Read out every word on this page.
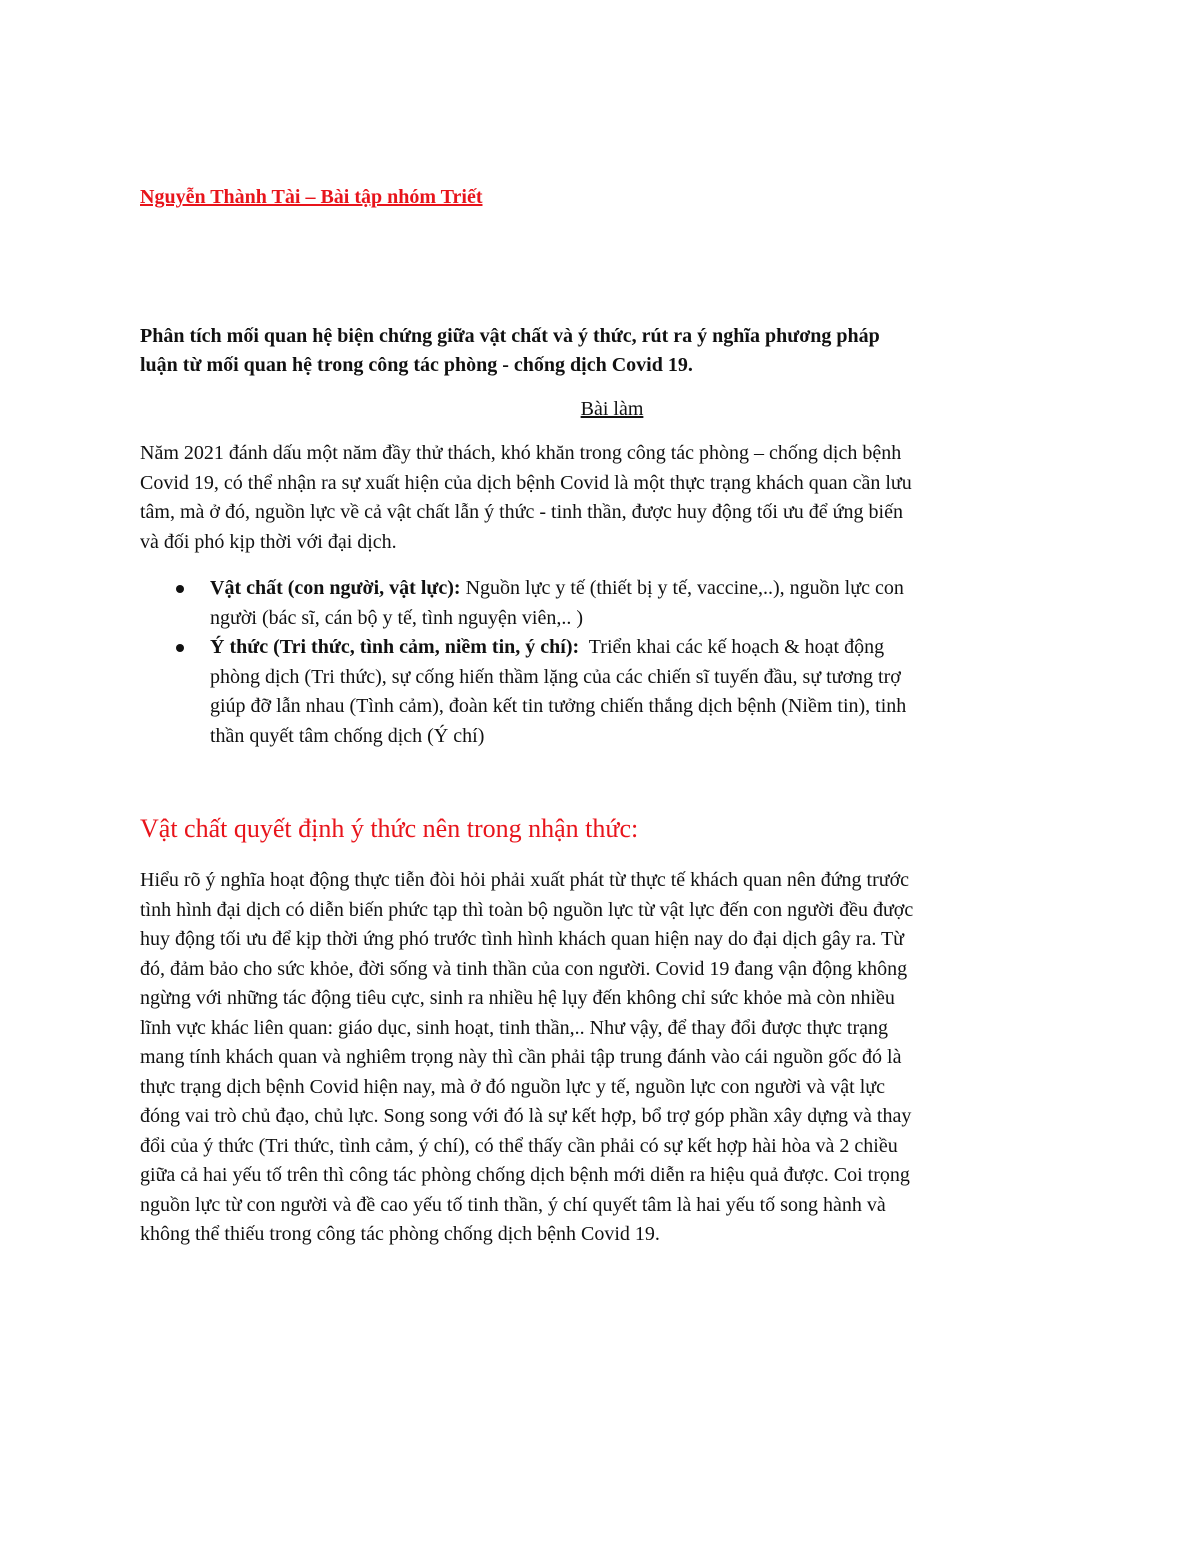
Nguyễn Thành Tài – Bài tập nhóm Triết

Phân tích mối quan hệ biện chứng giữa vật chất và ý thức, rút ra ý nghĩa phương pháp

luận từ mối quan hệ trong công tác phòng - chống dịch Covid 19.

Bài làm
Năm 2021 đánh dấu một năm đầy thử thách, khó khăn trong công tác phòng – chống dịch bệnh
Covid 19, có thể nhận ra sự xuất hiện của dịch bệnh Covid là một thực trạng khách quan cần lưu
tâm, mà ở đó, nguồn lực về cả vật chất lẫn ý thức - tinh thần, được huy động tối ưu để ứng biến
và đối phó kịp thời với đại dịch.
Vật chất (con người, vật lực): Nguồn lực y tế (thiết bị y tế, vaccine,..), nguồn lực con
người (bác sĩ, cán bộ y tế, tình nguyện viên,.. )
Ý thức (Tri thức, tình cảm, niềm tin, ý chí):  Triển khai các kế hoạch & hoạt động
phòng dịch (Tri thức), sự cống hiến thầm lặng của các chiến sĩ tuyến đầu, sự tương trợ
giúp đỡ lẫn nhau (Tình cảm), đoàn kết tin tưởng chiến thắng dịch bệnh (Niềm tin), tinh
thần quyết tâm chống dịch (Ý chí)
Vật chất quyết định ý thức nên trong nhận thức:
Hiểu rõ ý nghĩa hoạt động thực tiễn đòi hỏi phải xuất phát từ thực tế khách quan nên đứng trước
tình hình đại dịch có diễn biến phức tạp thì toàn bộ nguồn lực từ vật lực đến con người đều được
huy động tối ưu để kịp thời ứng phó trước tình hình khách quan hiện nay do đại dịch gây ra. Từ
đó, đảm bảo cho sức khỏe, đời sống và tinh thần của con người. Covid 19 đang vận động không
ngừng với những tác động tiêu cực, sinh ra nhiều hệ lụy đến không chỉ sức khỏe mà còn nhiều
lĩnh vực khác liên quan: giáo dục, sinh hoạt, tinh thần,.. Như vậy, để thay đổi được thực trạng
mang tính khách quan và nghiêm trọng này thì cần phải tập trung đánh vào cái nguồn gốc đó là
thực trạng dịch bệnh Covid hiện nay, mà ở đó nguồn lực y tế, nguồn lực con người và vật lực
đóng vai trò chủ đạo, chủ lực. Song song với đó là sự kết hợp, bổ trợ góp phần xây dựng và thay
đổi của ý thức (Tri thức, tình cảm, ý chí), có thể thấy cần phải có sự kết hợp hài hòa và 2 chiều
giữa cả hai yếu tố trên thì công tác phòng chống dịch bệnh mới diễn ra hiệu quả được. Coi trọng
nguồn lực từ con người và đề cao yếu tố tinh thần, ý chí quyết tâm là hai yếu tố song hành và
không thể thiếu trong công tác phòng chống dịch bệnh Covid 19.
